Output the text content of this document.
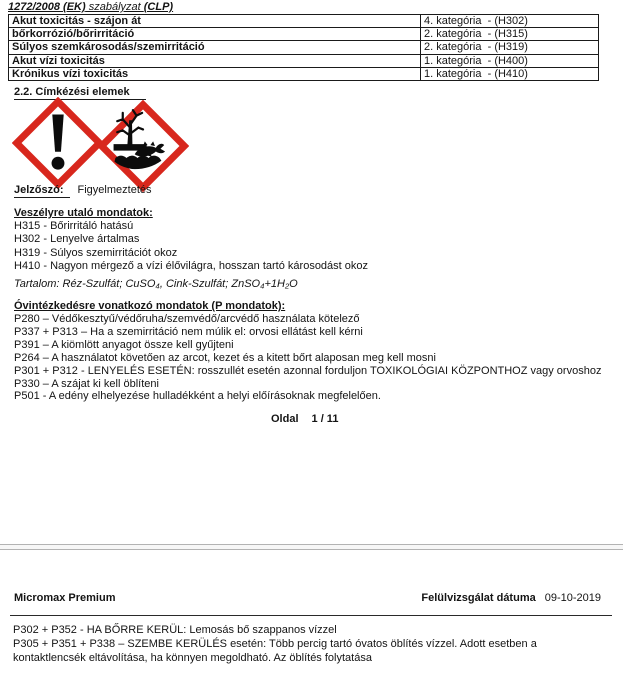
1272/2008 (EK) szabályzat (CLP)
Akut toxicitás - szájon át	4. kategória  - (H302)
bőrkorrózió/bőrirritáció	2. kategória  - (H315)
Súlyos szemkárosodás/szemirritáció	2. kategória  - (H319)
Akut vízi toxicitás	1. kategória  - (H400)
Krónikus vízi toxicitás	1. kategória  - (H410)
2.2. Címkézési elemek
Jelzőszó: Figyelmeztetés
Veszélyre utaló mondatok:
H315 - Bőrirritáló hatású
H302 - Lenyelve ártalmas
H319 - Súlyos szemirritációt okoz
H410 - Nagyon mérgező a vízi élővilágra, hosszan tartó károsodást okoz
Tartalom: Réz-Szulfát; CuSO₄, Cink-Szulfát; ZnSO₄+1H₂O
Óvintézkedésre vonatkozó mondatok (P mondatok):
P280 – Védőkesztyű/védőruha/szemvédő/arcvédő használata kötelező
P337 + P313 – Ha a szemirritáció nem múlik el: orvosi ellátást kell kérni
P391 – A kiömlött anyagot össze kell gyűjteni
P264 – A használatot követően az arcot, kezet és a kitett bőrt alaposan meg kell mosni
P301 + P312 - LENYELÉS ESETÉN: rosszullét esetén azonnal forduljon TOXIKOLÓGIAI KÖZPONTHOZ vagy orvoshoz
P330 – A szájat ki kell öblíteni
P501 - A edény elhelyezése hulladékként a helyi előírásoknak megfelelően.
Oldal 1 / 11
Micromax Premium	Felülvizsgálat dátuma 09-10-2019
P302 + P352 - HA BŐRRE KERÜL: Lemosás bő szappanos vízzel
P305 + P351 + P338 – SZEMBE KERÜLÉS esetén: Több percig tartó óvatos öblítés vízzel. Adott esetben a kontaktlencsék eltávolítása, ha könnyen megoldható. Az öblítés folytatása
